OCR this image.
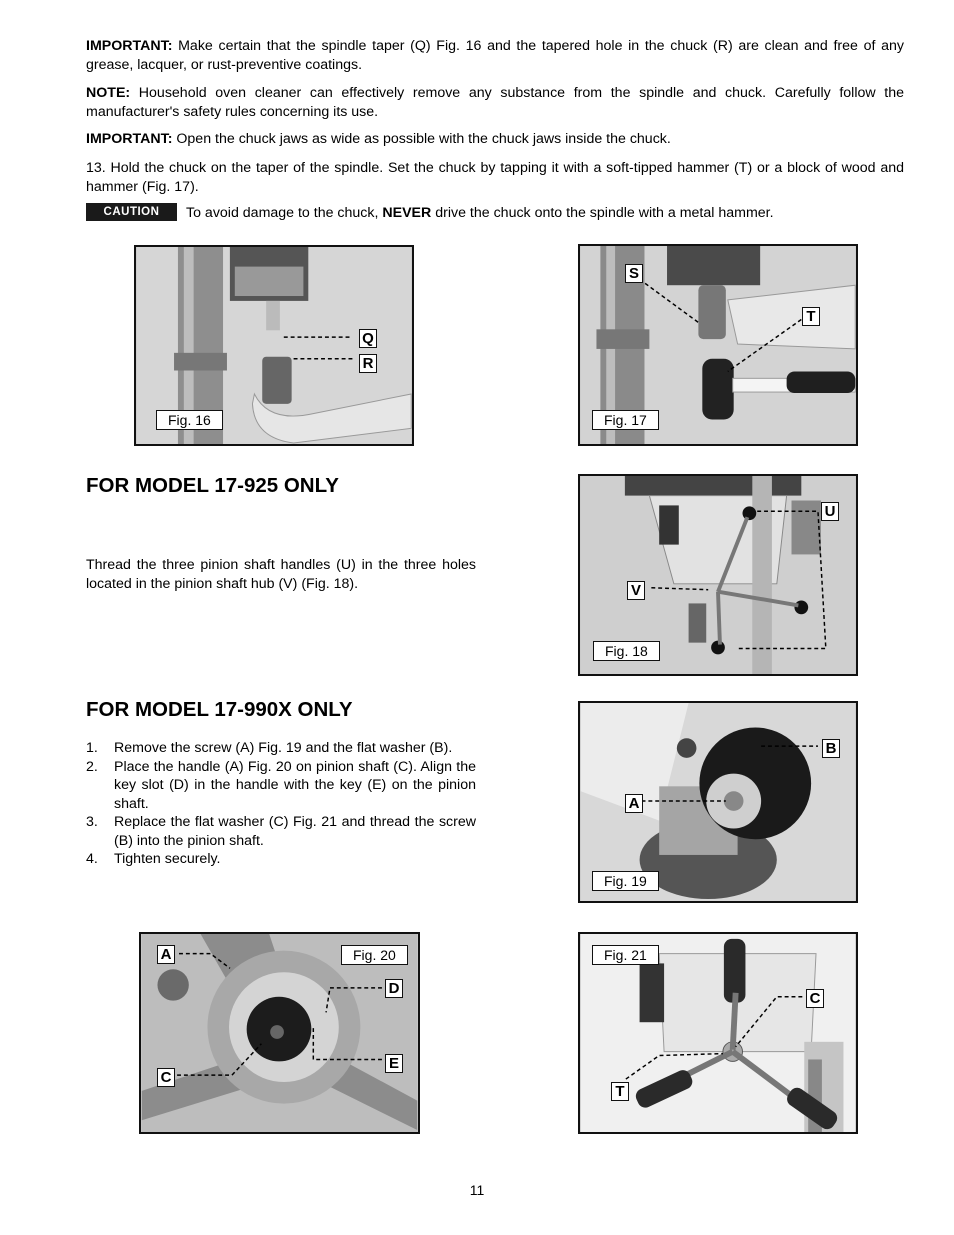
IMPORTANT: Make certain that the spindle taper (Q) Fig. 16 and the tapered hole in the chuck (R) are clean and free of any grease, lacquer, or rust-preventive coatings.

NOTE: Household oven cleaner can effectively remove any substance from the spindle and chuck. Carefully follow the manufacturer's safety rules concerning its use.

IMPORTANT: Open the chuck jaws as wide as possible with the chuck jaws inside the chuck.

13. Hold the chuck on the taper of the spindle. Set the chuck by tapping it with a soft-tipped hammer (T) or a block of wood and hammer (Fig. 17).

CAUTION	To avoid damage to the chuck, NEVER drive the chuck onto the spindle with a metal hammer.
Q
R
Fig. 16
S
T
Fig. 17
FOR MODEL 17-925 ONLY

Thread the three pinion shaft handles (U) in the three holes located in the pinion shaft hub (V) (Fig. 18).

U
V
Fig. 18
FOR MODEL 17-990X ONLY
1. Remove the screw (A) Fig. 19 and the flat washer (B).
2. Place the handle (A) Fig. 20 on pinion shaft (C). Align the key slot (D) in the handle with the key (E) on the pinion shaft.
3. Replace the flat washer (C) Fig. 21 and thread the screw (B) into the pinion shaft.
4. Tighten securely.
B
A
Fig. 19
A	Fig. 20
D
E
C
Fig. 21
C
T
11
